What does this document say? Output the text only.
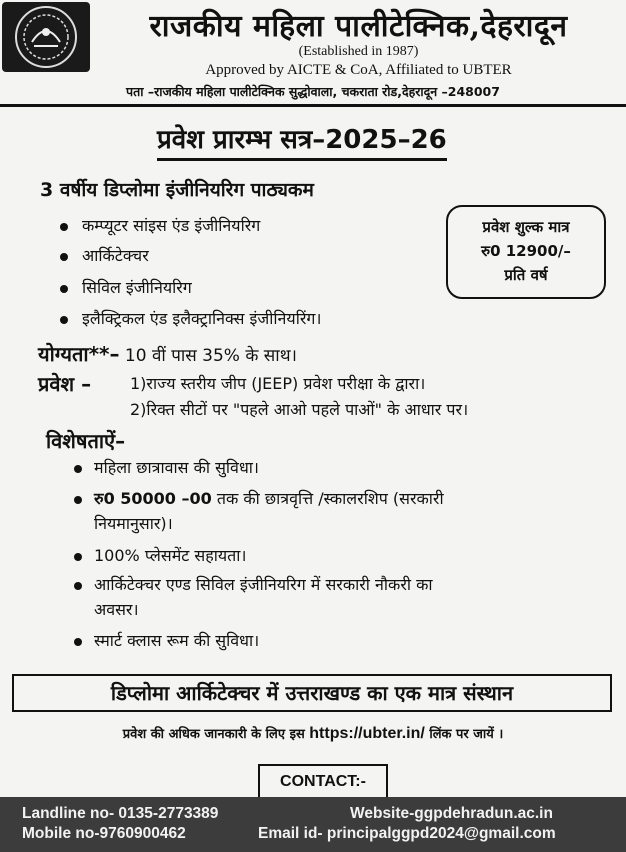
राजकीय महिला पालीटेक्निक,देहरादून
(Established in 1987)
Approved by AICTE & CoA, Affiliated to UBTER
पता –राजकीय महिला पालीटेक्निक सुद्धोवाला, चकराता रोड,देहरादून –248007
प्रवेश प्रारम्भ सत्र–2025–26
3 वर्षीय डिप्लोमा इंजीनियरिग पाठ्यकम
कम्प्यूटर सांइस एंड इंजीनियरिग
आर्किटेक्चर
सिविल इंजीनियरिग
इलैक्ट्रिकल एंड इलैक्ट्रानिक्स इंजीनियरिंग।
प्रवेश शुल्क मात्र
रु0 12900/–
प्रति वर्ष
योग्यता**– 10 वीं पास 35% के साथ।
प्रवेश – 1)राज्य स्तरीय जीप (JEEP) प्रवेश परीक्षा के द्वारा।
2)रिक्त सीटों पर "पहले आओ पहले पाओं" के आधार पर।
विशेषताऐं–
महिला छात्रावास की सुविधा।
रु0 50000 –00 तक की छात्रवृत्ति /स्कालरशिप (सरकारी
नियमानुसार)।
100% प्लेसमेंट सहायता।
आर्किटेक्चर एण्ड सिविल इंजीनियरिग में सरकारी नौकरी का
अवसर।
स्मार्ट क्लास रूम की सुविधा।
डिप्लोमा आर्किटेक्चर में उत्तराखण्ड का एक मात्र संस्थान
प्रवेश की अधिक जानकारी के लिए इस https://ubter.in/ लिंक पर जायें ।
CONTACT:-
Landline no- 0135-2773389
Mobile no-9760900462
Website-ggpdehradun.ac.in
Email id- principalggpd2024@gmail.com
